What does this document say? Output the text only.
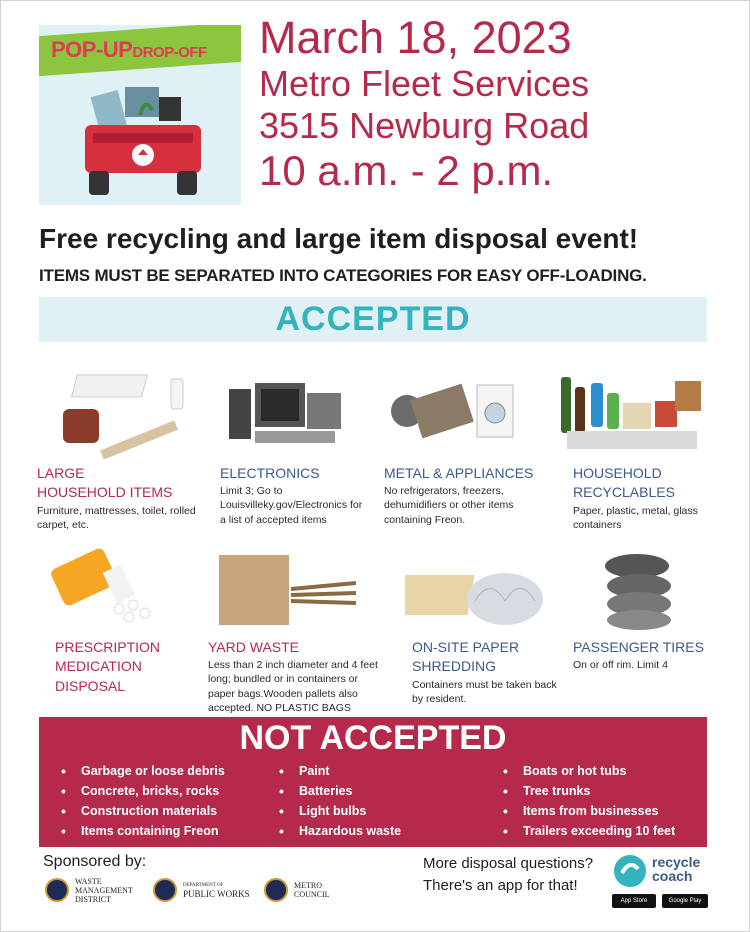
POP-UPDROP-OFF March 18, 2023
Metro Fleet Services
3515 Newburg Road
10 a.m. - 2 p.m.
Free recycling and large item disposal event!
ITEMS MUST BE SEPARATED INTO CATEGORIES FOR EASY OFF-LOADING.
ACCEPTED
LARGE
HOUSEHOLD ITEMS
Furniture, mattresses, toilet, rolled carpet, etc.
ELECTRONICS
Limit 3; Go to Louisvilleky.gov/Electronics for a list of accepted items
METAL & APPLIANCES
No refrigerators, freezers, dehumidifiers or other items containing Freon.
HOUSEHOLD
RECYCLABLES
Paper, plastic, metal, glass containers
PRESCRIPTION
MEDICATION
DISPOSAL
YARD WASTE
Less than 2 inch diameter and 4 feet long; bundled or in containers or paper bags.Wooden pallets also accepted. NO PLASTIC BAGS
ON-SITE PAPER
SHREDDING
Containers must be taken back by resident.
PASSENGER TIRES
On or off rim. Limit 4
NOT ACCEPTED
• Garbage or loose debris
• Concrete, bricks, rocks
• Construction materials
• Items containing Freon
• Paint
• Batteries
• Light bulbs
• Hazardous waste
• Boats or hot tubs
• Tree trunks
• Items from businesses
• Trailers exceeding 10 feet
Sponsored by:
WASTE
MANAGEMENT
DISTRICT
DEPARTMENT OF
PUBLIC WORKS
METRO
COUNCIL
More disposal questions?
There's an app for that!
recycle
coach
App Store	Google Play
